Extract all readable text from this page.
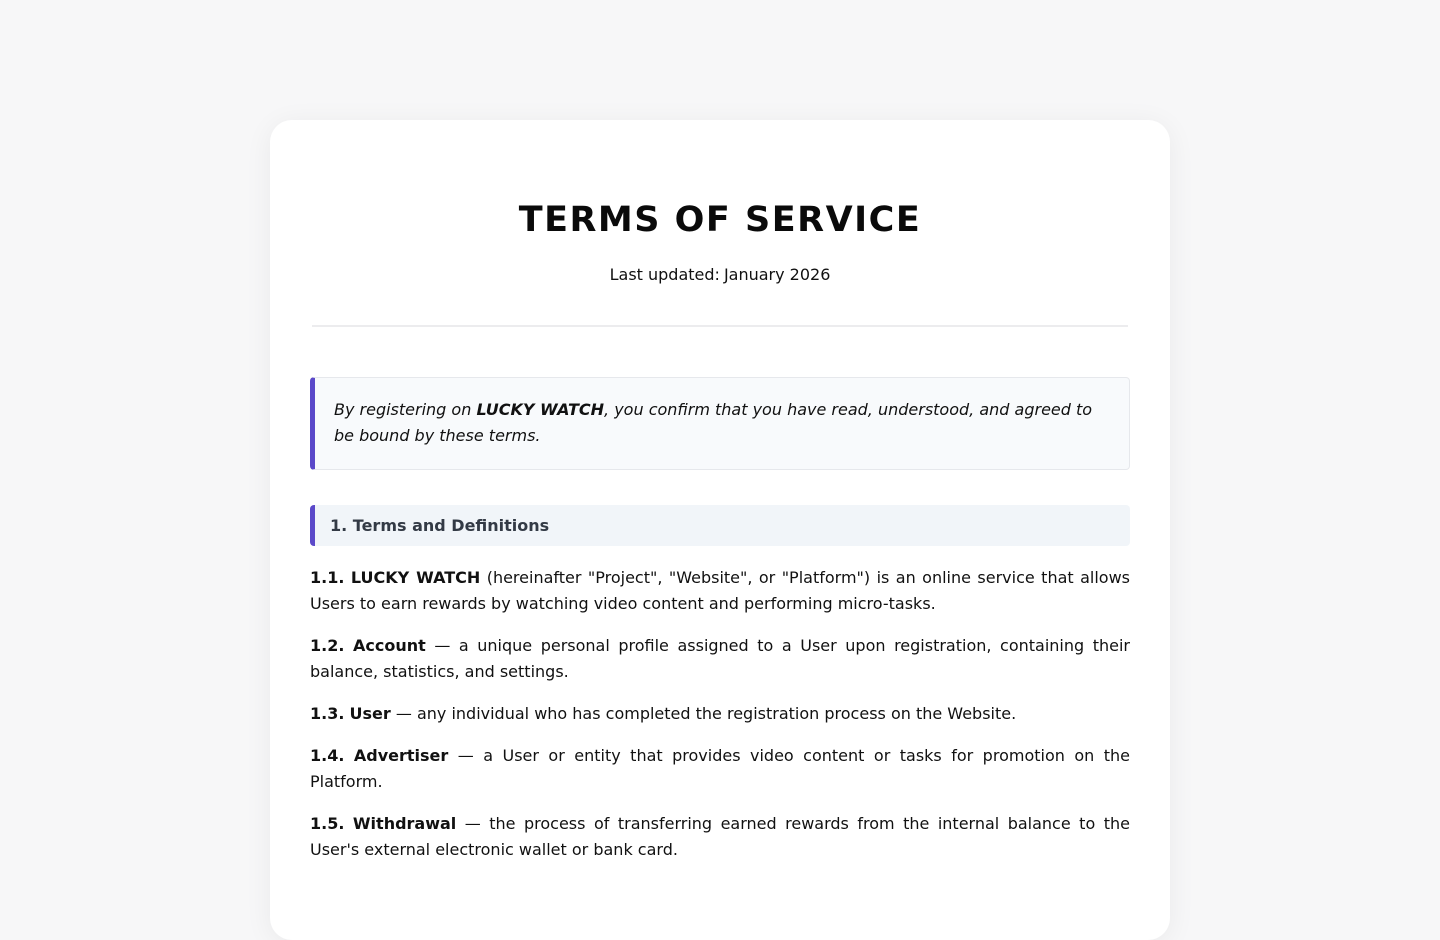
TERMS OF SERVICE
Last updated: January 2026
By registering on LUCKY WATCH, you confirm that you have read, understood, and agreed to be bound by these terms.
1. Terms and Definitions

1.1. LUCKY WATCH (hereinafter "Project", "Website", or "Platform") is an online service that allows Users to earn rewards by watching video content and performing micro-tasks.

1.2. Account — a unique personal profile assigned to a User upon registration, containing their balance, statistics, and settings.

1.3. User — any individual who has completed the registration process on the Website.

1.4. Advertiser — a User or entity that provides video content or tasks for promotion on the Platform.

1.5. Withdrawal — the process of transferring earned rewards from the internal balance to the User's external electronic wallet or bank card.
